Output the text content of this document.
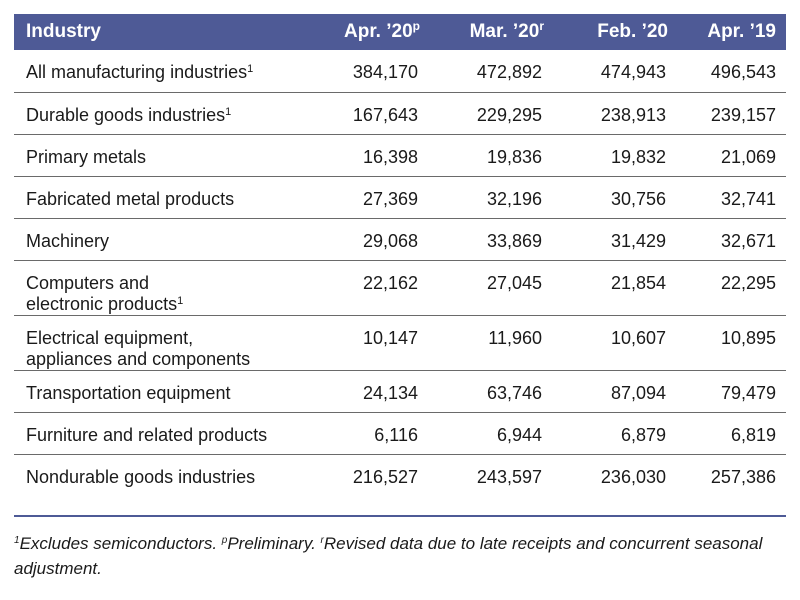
Industry	Apr. ’20$^p$	Mar. ’20$^r$	Feb. ’20	Apr. ’19
All manufacturing industries$^1$	384,170	472,892	474,943	496,543
Durable goods industries$^1$	167,643	229,295	238,913	239,157
Primary metals	16,398	19,836	19,832	21,069
Fabricated metal products	27,369	32,196	30,756	32,741
Machinery	29,068	33,869	31,429	32,671
Computers and
electronic products$^1$	22,162	27,045	21,854	22,295
Electrical equipment,
appliances and components	10,147	11,960	10,607	10,895
Transportation equipment	24,134	63,746	87,094	79,479
Furniture and related products	6,116	6,944	6,879	6,819
Nondurable goods industries	216,527	243,597	236,030	257,386
$^1$Excludes semiconductors. $^p$Preliminary. $^r$Revised data due to late receipts and concurrent seasonal adjustment.
